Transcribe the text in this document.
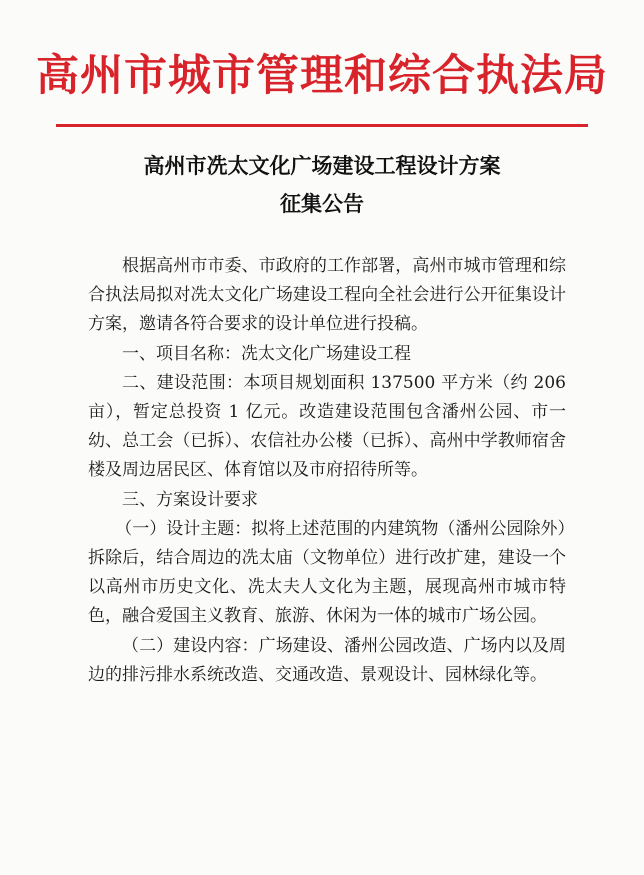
高州市城市管理和综合执法局
高州市冼太文化广场建设工程设计方案
征集公告

根据高州市市委、市政府的工作部署，高州市城市管理和综合执法局拟对冼太文化广场建设工程向全社会进行公开征集设计方案，邀请各符合要求的设计单位进行投稿。

一、项目名称：冼太文化广场建设工程

二、建设范围：本项目规划面积 137500 平方米（约 206 亩），暂定总投资 1 亿元。改造建设范围包含潘州公园、市一幼、总工会（已拆）、农信社办公楼（已拆）、高州中学教师宿舍楼及周边居民区、体育馆以及市府招待所等。

三、方案设计要求

（一）设计主题：拟将上述范围的内建筑物（潘州公园除外）拆除后，结合周边的冼太庙（文物单位）进行改扩建，建设一个以高州市历史文化、冼太夫人文化为主题，展现高州市城市特色，融合爱国主义教育、旅游、休闲为一体的城市广场公园。

（二）建设内容：广场建设、潘州公园改造、广场内以及周边的排污排水系统改造、交通改造、景观设计、园林绿化等。
